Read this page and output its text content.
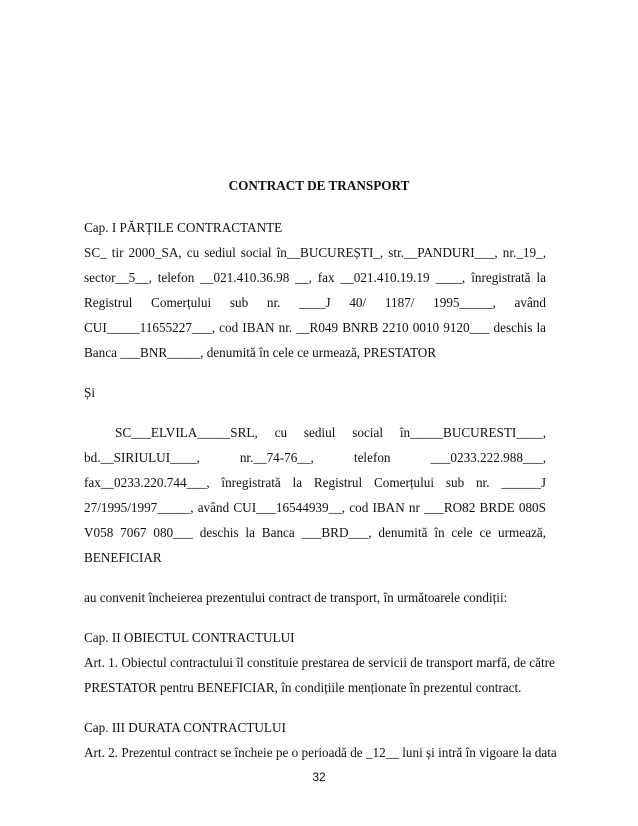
CONTRACT DE TRANSPORT
Cap. I PĂRȚILE CONTRACTANTE
SC_ tir 2000_SA, cu sediul social în__BUCUREȘTI_, str.__PANDURI___, nr._19_,
sector__5__, telefon __021.410.36.98 __, fax __021.410.19.19 ____, înregistrată la
Registrul Comerțului sub nr. ____J 40/ 1187/ 1995_____, având
CUI_____11655227___, cod IBAN nr. __R049 BNRB 2210 0010 9120___ deschis la
Banca ___BNR_____, denumită în cele ce urmează, PRESTATOR
Și
SC___ELVILA_____SRL, cu sediul social în_____BUCURESTI____,
bd.__SIRIULUI____, nr.__74-76__, telefon ___0233.222.988___,
fax__0233.220.744___, înregistrată la Registrul Comerțului sub nr. ______J
27/1995/1997_____, având CUI___16544939__, cod IBAN nr ___RO82 BRDE 080S
V058 7067 080___ deschis la Banca ___BRD___, denumită în cele ce urmează,
BENEFICIAR
au convenit încheierea prezentului contract de transport, în următoarele condiții:
Cap. II OBIECTUL CONTRACTULUI
Art. 1. Obiectul contractului îl constituie prestarea de servicii de transport marfă, de către
PRESTATOR pentru BENEFICIAR, în condițiile menționate în prezentul contract.
Cap. III DURATA CONTRACTULUI
Art. 2. Prezentul contract se încheie pe o perioadă de _12__ luni și intră în vigoare la data
32
